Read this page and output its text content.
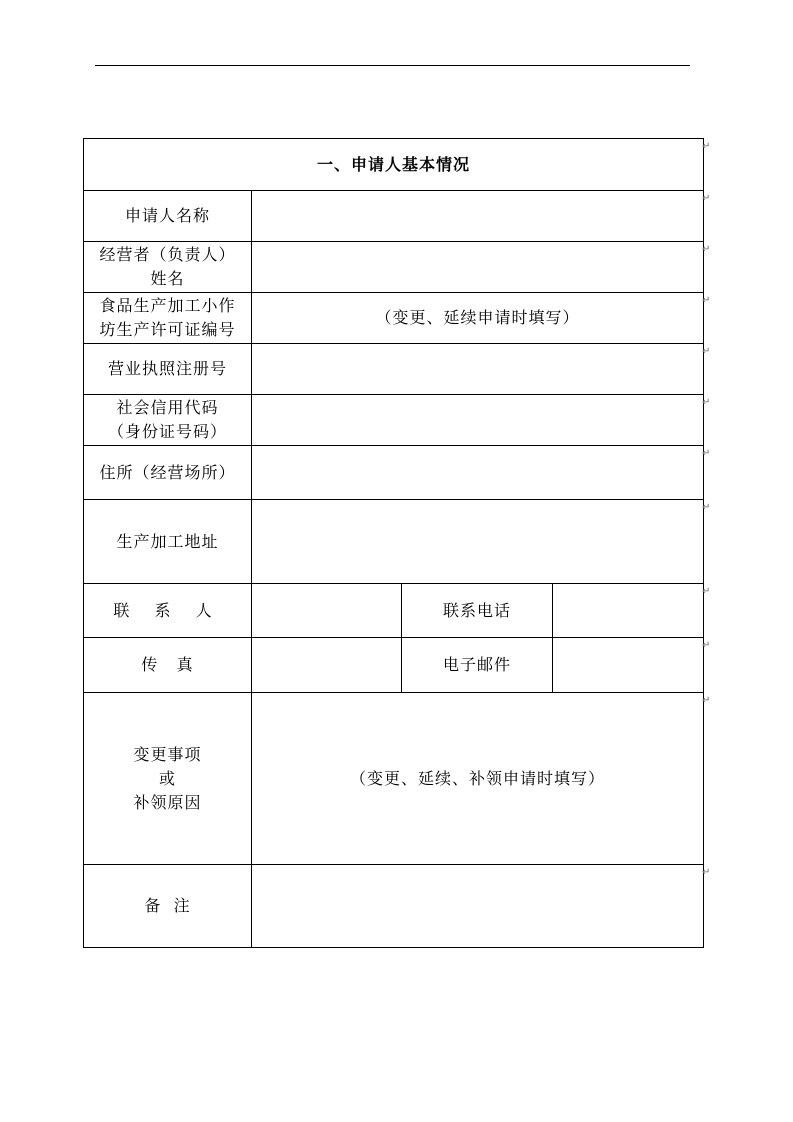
一、申请人基本情况			
申请人名称			
经营者（负责人）
姓名			
食品生产加工小作
坊生产许可证编号	（变更、延续申请时填写）		
营业执照注册号			
社会信用代码
（身份证号码）			
住所（经营场所）			
生产加工地址			
联 系 人		联系电话	
传   真		电子邮件	
变更事项
或
补领原因	（变更、延续、补领申请时填写）		
备  注			
↵
↵
↵
↵
↵
↵
↵
↵
↵
↵
↵
↵
